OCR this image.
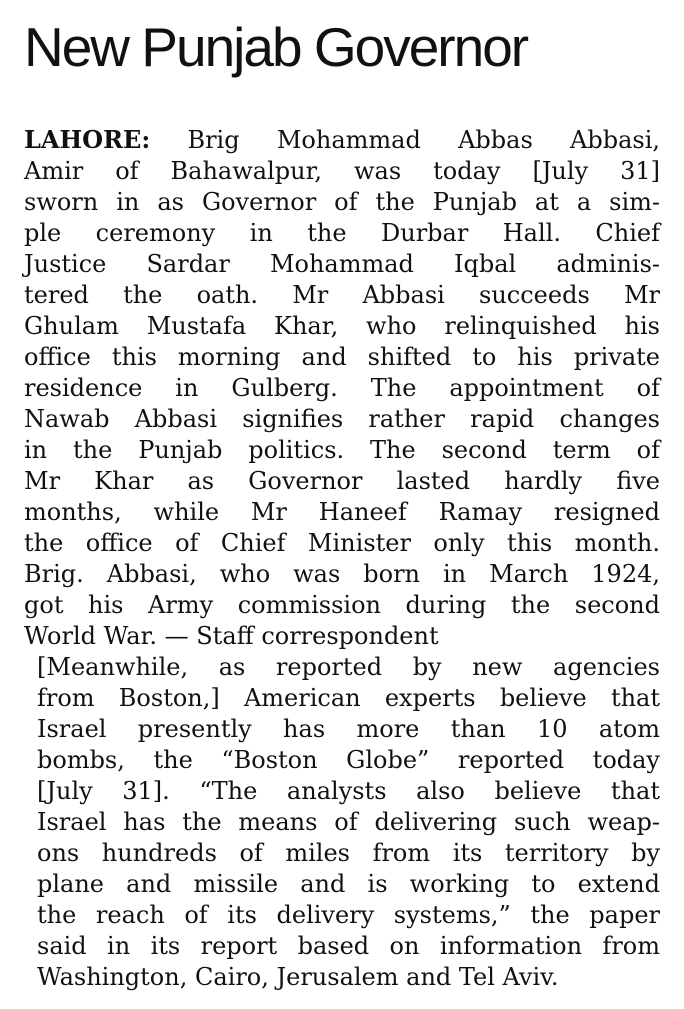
New Punjab Governor
LAHORE: Brig Mohammad Abbas Abbasi,
Amir of Bahawalpur, was today [July 31]
sworn in as Governor of the Punjab at a sim-
ple ceremony in the Durbar Hall. Chief
Justice Sardar Mohammad Iqbal adminis-
tered the oath. Mr Abbasi succeeds Mr
Ghulam Mustafa Khar, who relinquished his
office this morning and shifted to his private
residence in Gulberg. The appointment of
Nawab Abbasi signifies rather rapid changes
in the Punjab politics. The second term of
Mr Khar as Governor lasted hardly five
months, while Mr Haneef Ramay resigned
the office of Chief Minister only this month.
Brig. Abbasi, who was born in March 1924,
got his Army commission during the second
World War. — Staff correspondent
[Meanwhile, as reported by new agencies
from Boston,] American experts believe that
Israel presently has more than 10 atom
bombs, the “Boston Globe” reported today
[July 31]. “The analysts also believe that
Israel has the means of delivering such weap-
ons hundreds of miles from its territory by
plane and missile and is working to extend
the reach of its delivery systems,” the paper
said in its report based on information from
Washington, Cairo, Jerusalem and Tel Aviv.
